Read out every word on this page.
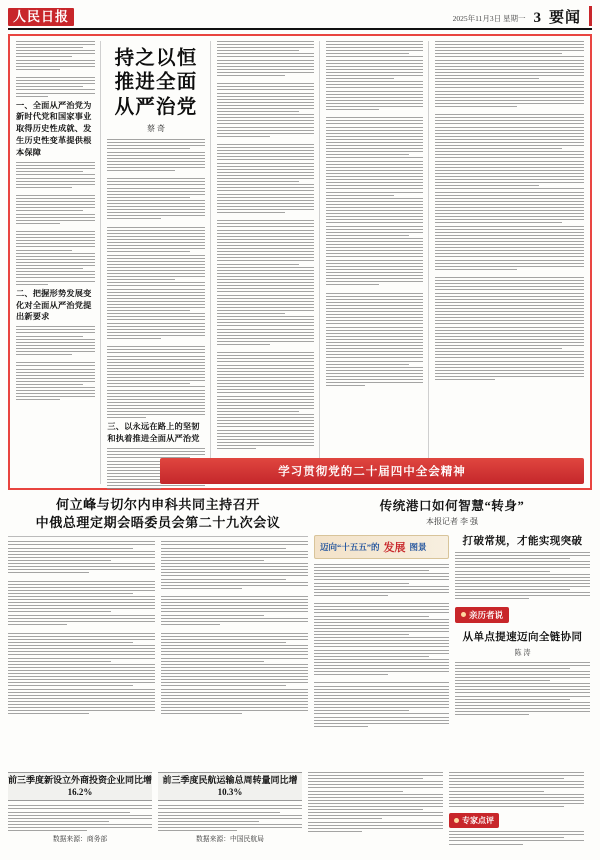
人民日报	2025年11月3日 星期一 3 要闻
一、全面从严治党为新时代党和国家事业取得历史性成就、发生历史性变革提供根本保障
二、把握形势发展变化对全面从严治党提出新要求
持之以恒推进全面从严治党
蔡 奇
三、以永远在路上的坚韧和执着推进全面从严治党
学习贯彻党的二十届四中全会精神
何立峰与切尔内申科共同主持召开
中俄总理定期会晤委员会第二十九次会议
传统港口如何智慧“转身”
本报记者 李 强
迈向“十五五”的 发展 图景	打破常规，才能实现突破
亲历者说
从单点提速迈向全链协同
陈 涛
前三季度新设立外商投资企业同比增16.2%
数据来源：商务部
前三季度民航运输总周转量同比增10.3%
数据来源：中国民航局
专家点评
